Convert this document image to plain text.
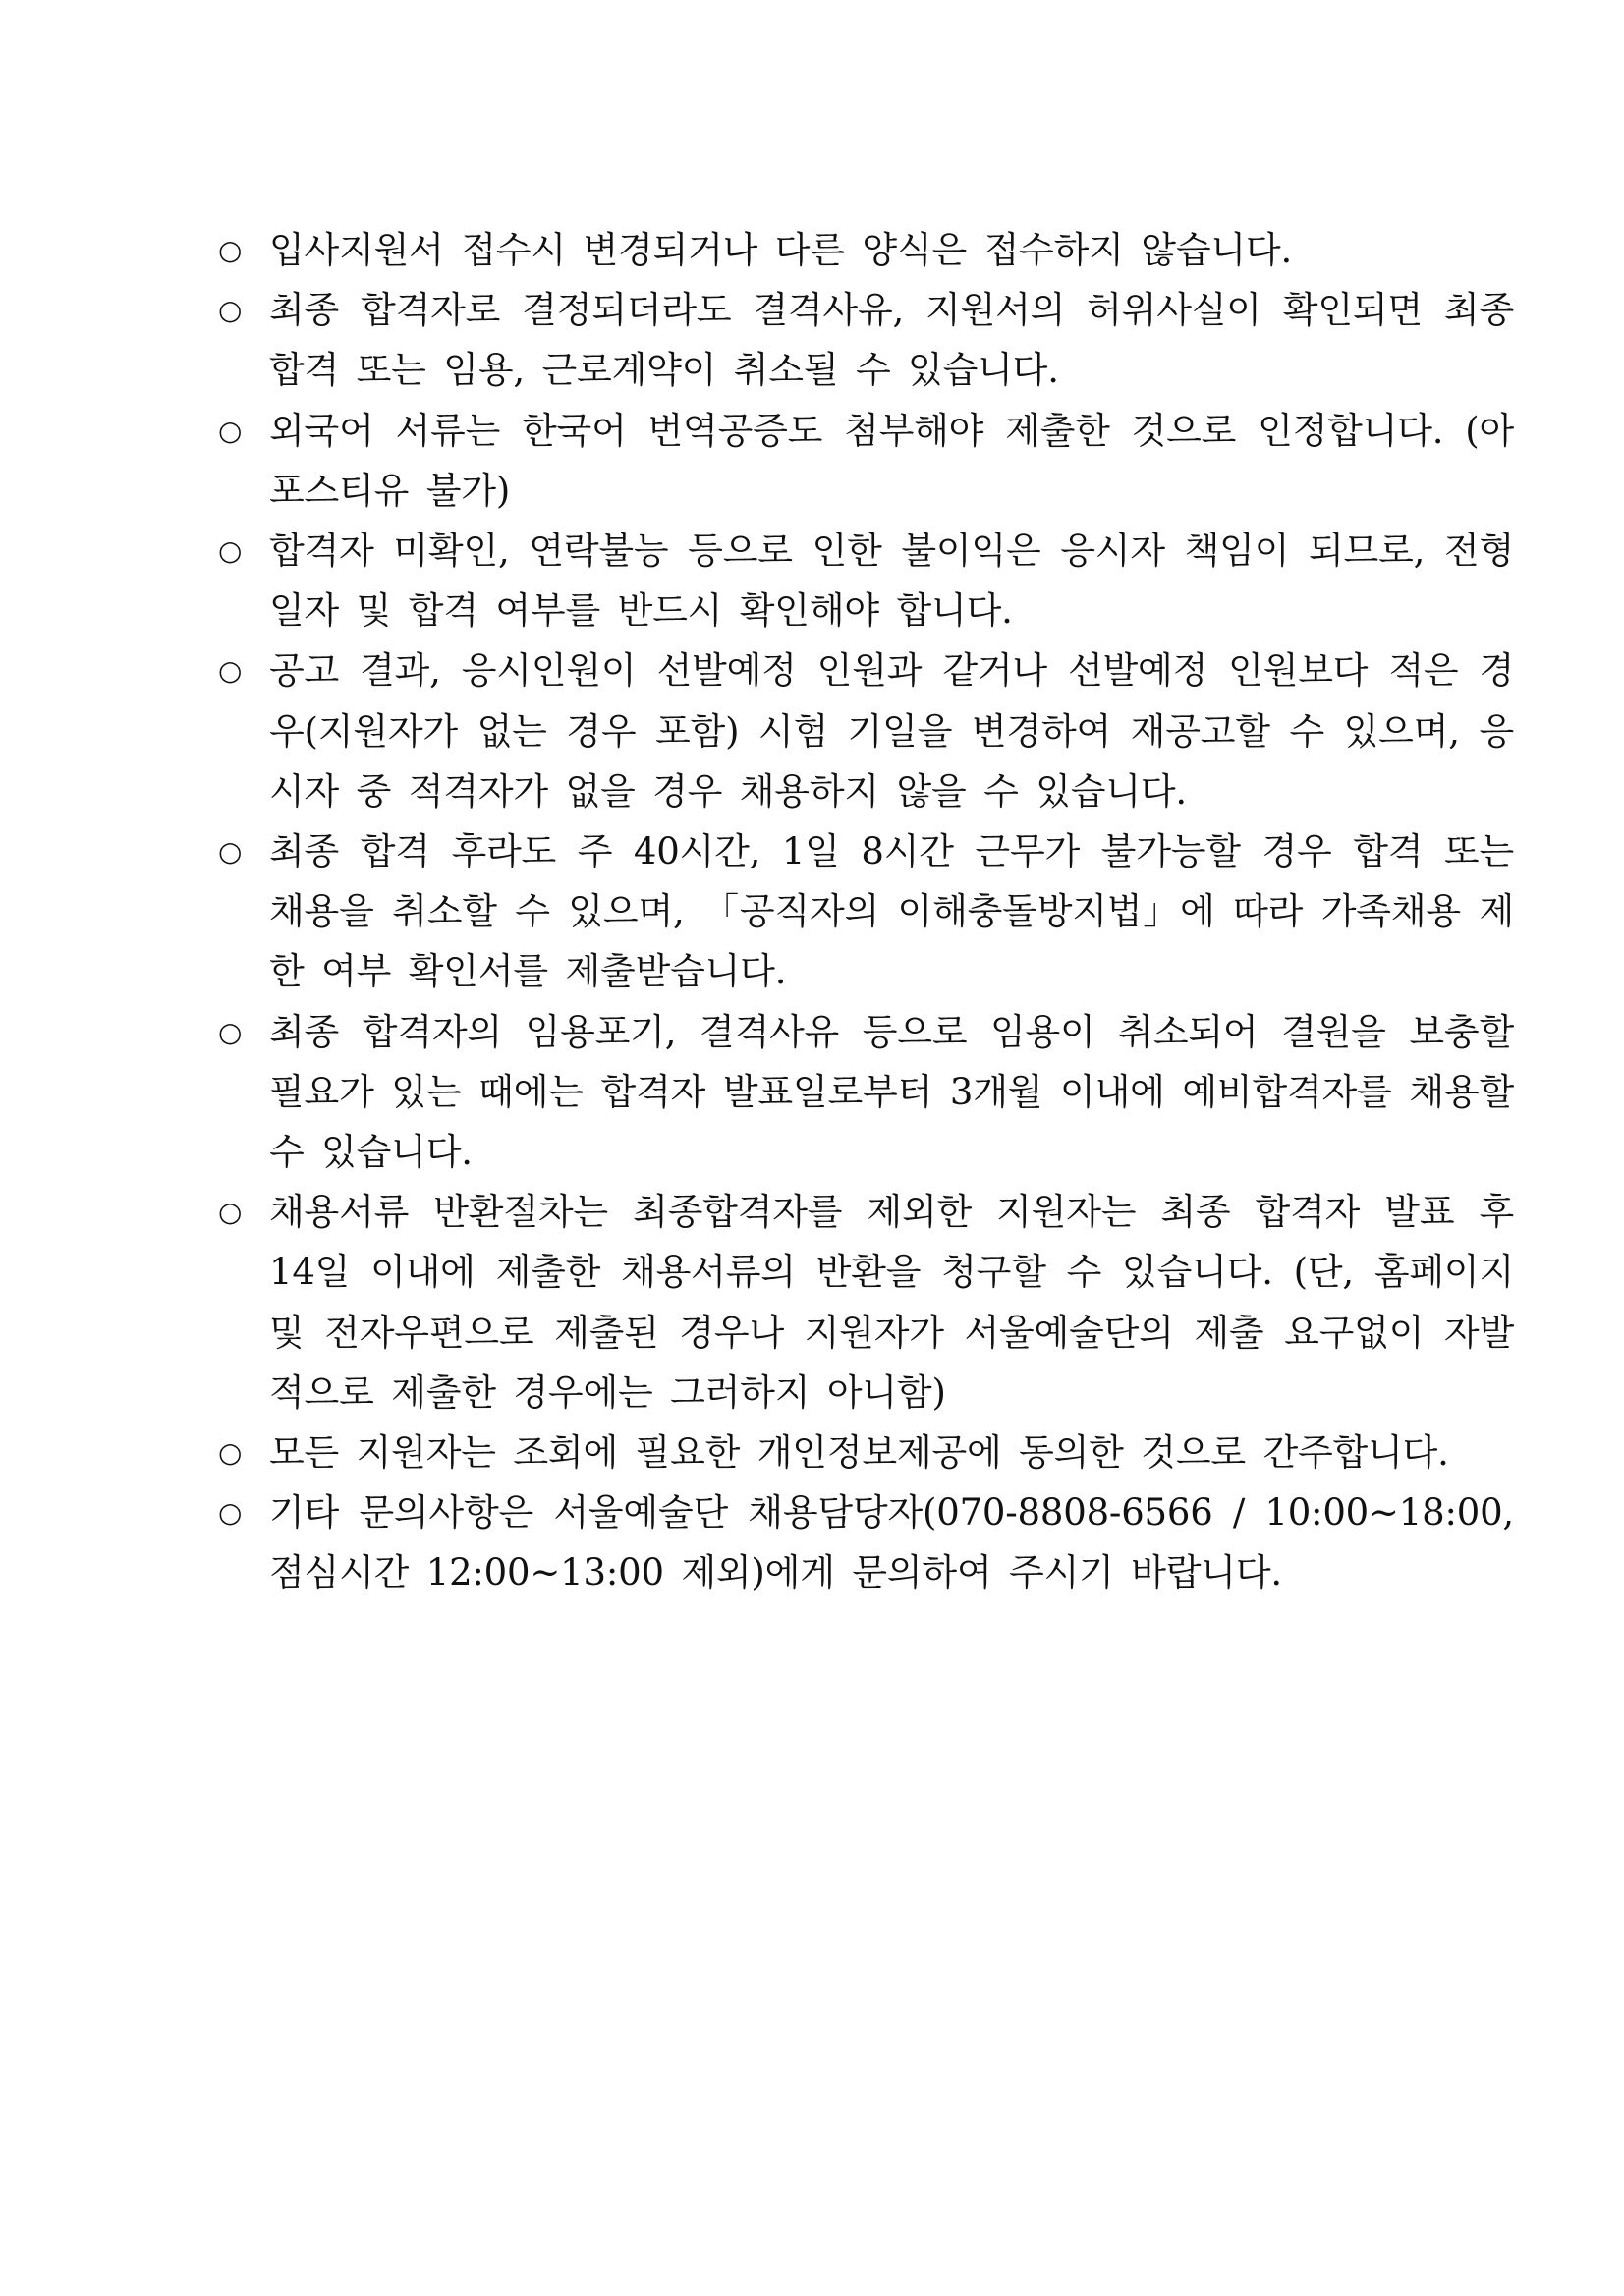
○ 입사지원서 접수시 변경되거나 다른 양식은 접수하지 않습니다.
○ 최종 합격자로 결정되더라도 결격사유, 지원서의 허위사실이 확인되면 최종 합격 또는 임용, 근로계약이 취소될 수 있습니다.
○ 외국어 서류는 한국어 번역공증도 첨부해야 제출한 것으로 인정합니다. (아포스티유 불가)
○ 합격자 미확인, 연락불능 등으로 인한 불이익은 응시자 책임이 되므로, 전형일자 및 합격 여부를 반드시 확인해야 합니다.
○ 공고 결과, 응시인원이 선발예정 인원과 같거나 선발예정 인원보다 적은 경우(지원자가 없는 경우 포함) 시험 기일을 변경하여 재공고할 수 있으며, 응시자 중 적격자가 없을 경우 채용하지 않을 수 있습니다.
○ 최종 합격 후라도 주 40시간, 1일 8시간 근무가 불가능할 경우 합격 또는 채용을 취소할 수 있으며, 「공직자의 이해충돌방지법」에 따라 가족채용 제한 여부 확인서를 제출받습니다.
○ 최종 합격자의 임용포기, 결격사유 등으로 임용이 취소되어 결원을 보충할 필요가 있는 때에는 합격자 발표일로부터 3개월 이내에 예비합격자를 채용할 수 있습니다.
○ 채용서류 반환절차는 최종합격자를 제외한 지원자는 최종 합격자 발표 후 14일 이내에 제출한 채용서류의 반환을 청구할 수 있습니다. (단, 홈페이지 및 전자우편으로 제출된 경우나 지원자가 서울예술단의 제출 요구없이 자발적으로 제출한 경우에는 그러하지 아니함)
○ 모든 지원자는 조회에 필요한 개인정보제공에 동의한 것으로 간주합니다.
○ 기타 문의사항은 서울예술단 채용담당자(070-8808-6566 / 10:00~18:00, 점심시간 12:00~13:00 제외)에게 문의하여 주시기 바랍니다.
